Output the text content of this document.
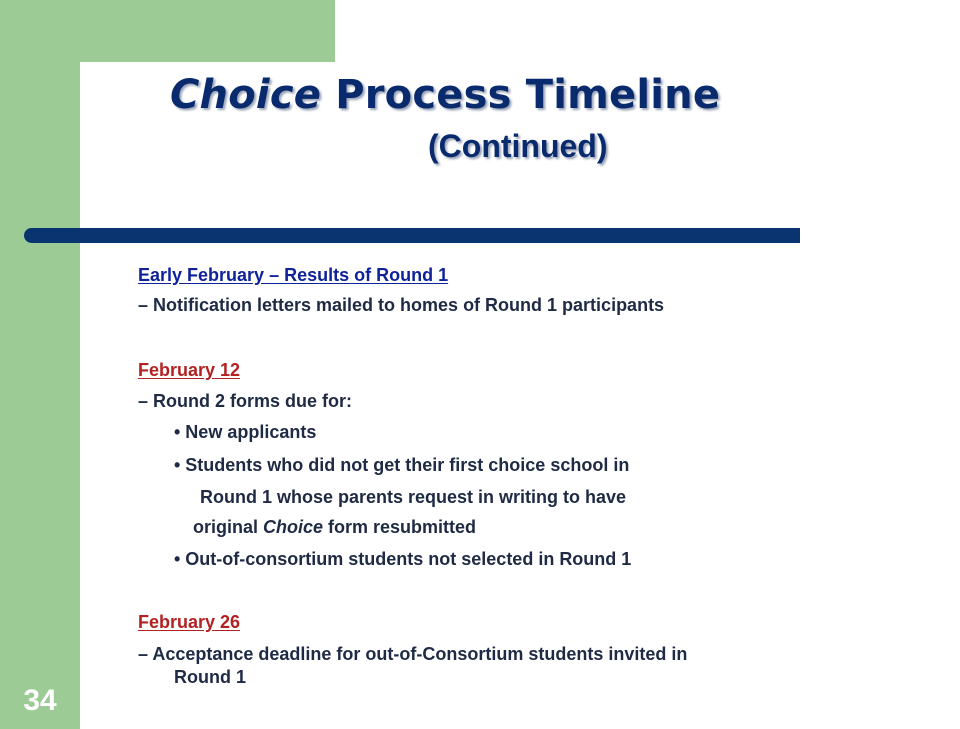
34
Choice Process Timeline
(Continued)
Early February – Results of Round 1
– Notification letters mailed to homes of Round 1 participants
February 12
– Round 2 forms due for:
• New applicants
• Students who did not get their first choice school in
Round 1 whose parents request in writing to have
original Choice form resubmitted
• Out-of-consortium students not selected in Round 1
February 26
– Acceptance deadline for out-of-Consortium students invited in
Round 1
